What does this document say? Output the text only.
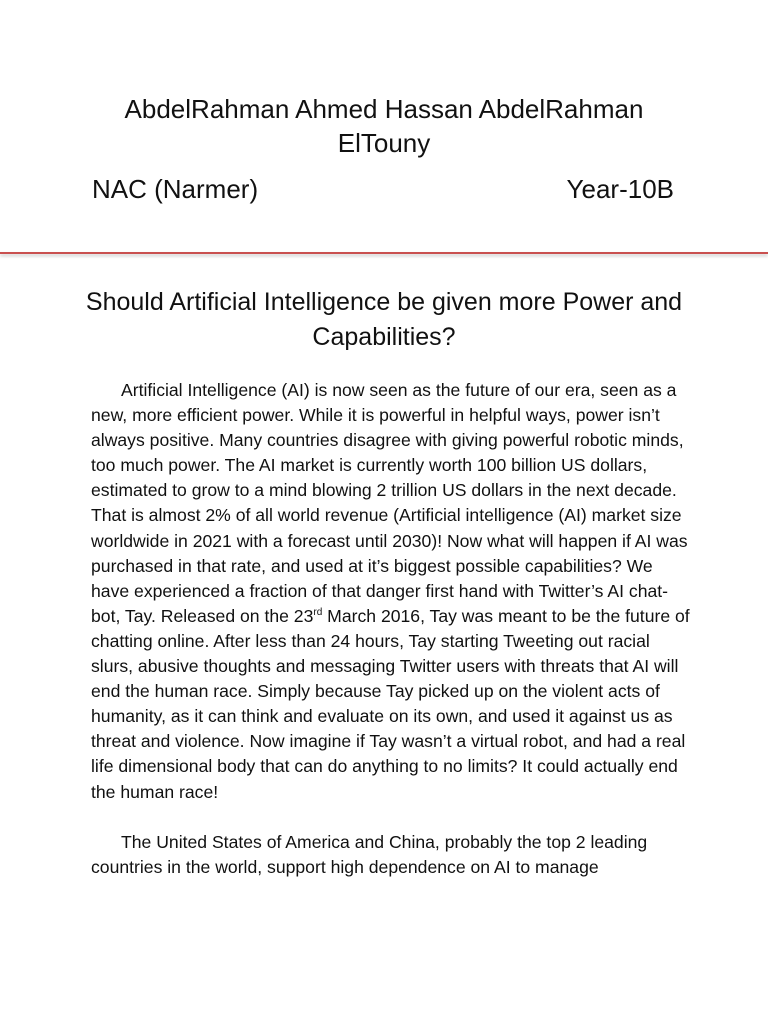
AbdelRahman Ahmed Hassan AbdelRahman ElTouny
NAC (Narmer)	Year-10B
Should Artificial Intelligence be given more Power and Capabilities?

Artificial Intelligence (AI) is now seen as the future of our era, seen as a new, more efficient power. While it is powerful in helpful ways, power isn’t always positive. Many countries disagree with giving powerful robotic minds, too much power. The AI market is currently worth 100 billion US dollars, estimated to grow to a mind blowing 2 trillion US dollars in the next decade. That is almost 2% of all world revenue (Artificial intelligence (AI) market size worldwide in 2021 with a forecast until 2030)! Now what will happen if AI was purchased in that rate, and used at it’s biggest possible capabilities? We have experienced a fraction of that danger first hand with Twitter’s AI chat-bot, Tay. Released on the 23rd March 2016, Tay was meant to be the future of chatting online. After less than 24 hours, Tay starting Tweeting out racial slurs, abusive thoughts and messaging Twitter users with threats that AI will end the human race. Simply because Tay picked up on the violent acts of humanity, as it can think and evaluate on its own, and used it against us as threat and violence. Now imagine if Tay wasn’t a virtual robot, and had a real life dimensional body that can do anything to no limits? It could actually end the human race!

The United States of America and China, probably the top 2 leading countries in the world, support high dependence on AI to manage
